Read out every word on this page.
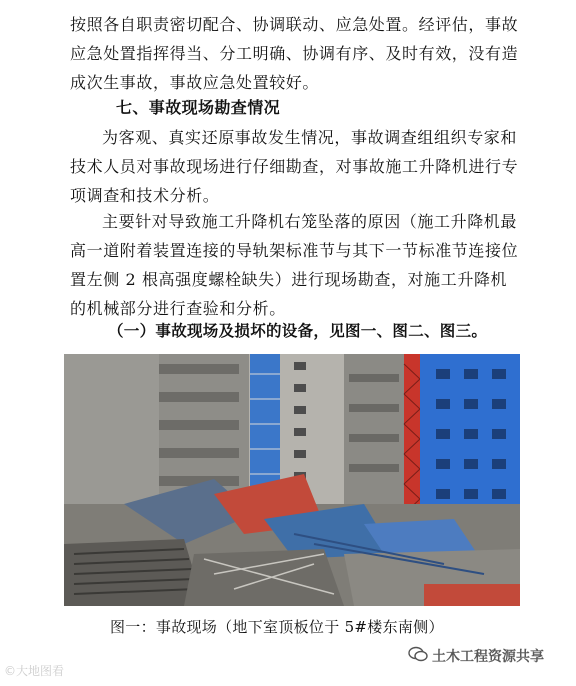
按照各自职责密切配合、协调联动、应急处置。经评估，事故应急处置指挥得当、分工明确、协调有序、及时有效，没有造成次生事故，事故应急处置较好。

七、事故现场勘查情况

为客观、真实还原事故发生情况，事故调查组组织专家和技术人员对事故现场进行仔细勘查，对事故施工升降机进行专项调查和技术分析。

主要针对导致施工升降机右笼坠落的原因（施工升降机最高一道附着装置连接的导轨架标准节与其下一节标准节连接位置左侧 2 根高强度螺栓缺失）进行现场勘查，对施工升降机的机械部分进行查验和分析。

（一）事故现场及损坏的设备，见图一、图二、图三。
图一：事故现场（地下室顶板位于 5#楼东南侧）
©大地图看
土木工程资源共享
